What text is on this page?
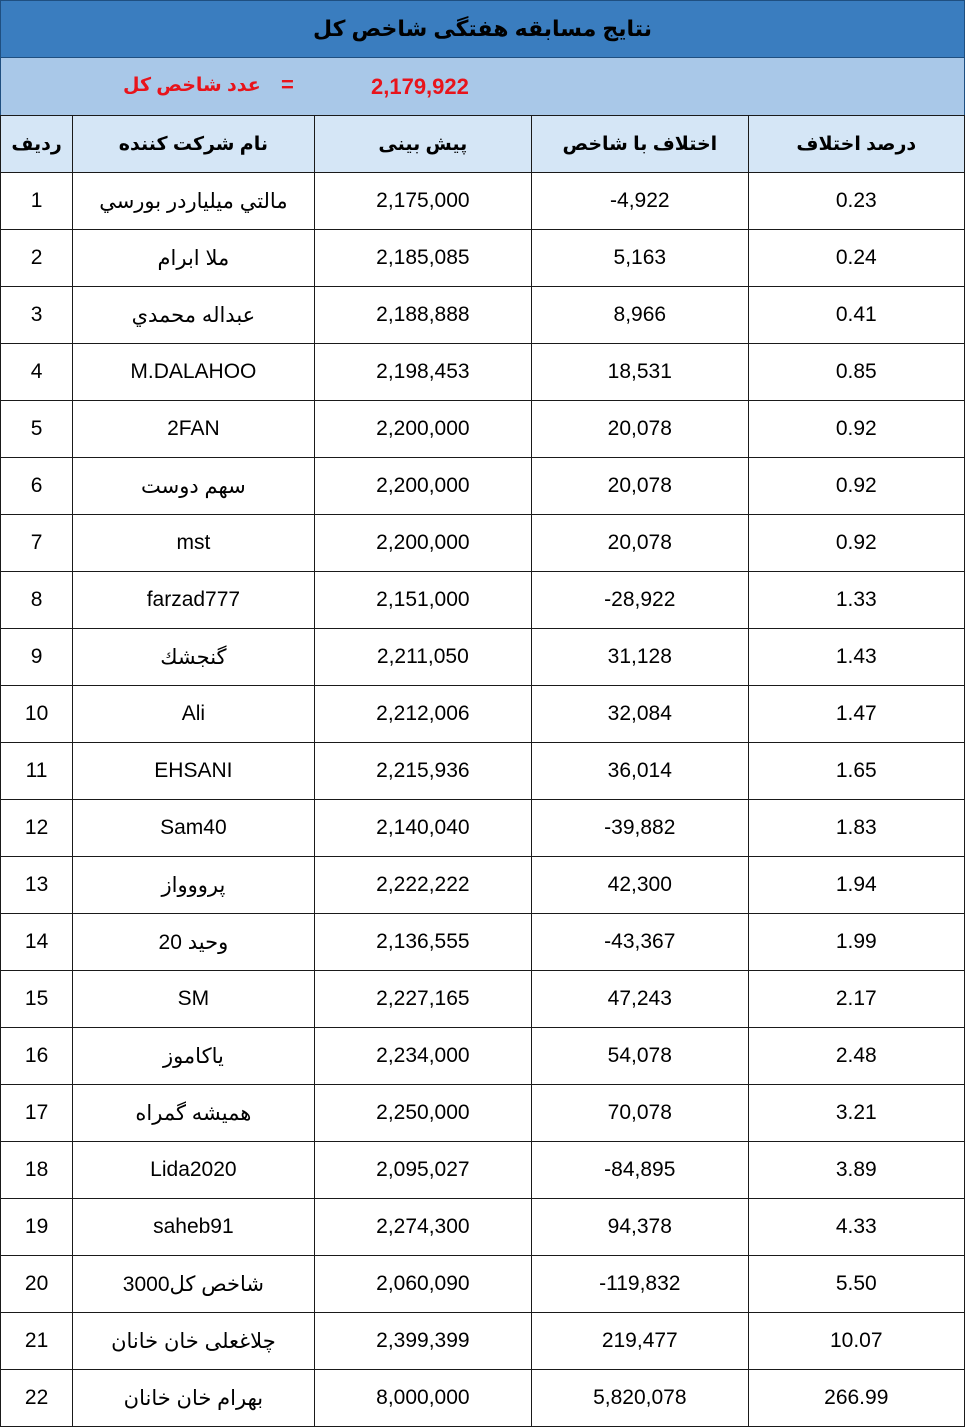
نتایج مسابقه هفتگی شاخص کل
عدد شاخص کل =	2,179,922
ردیف	نام شرکت کننده	پیش بینی	اختلاف با شاخص	درصد اختلاف
1	مالتي ميلياردر بورسي	2,175,000	-4,922	0.23
2	ملا ابرام	2,185,085	5,163	0.24
3	عبداله محمدي	2,188,888	8,966	0.41
4	M.DALAHOO	2,198,453	18,531	0.85
5	2FAN	2,200,000	20,078	0.92
6	سهم دوست	2,200,000	20,078	0.92
7	mst	2,200,000	20,078	0.92
8	farzad777	2,151,000	-28,922	1.33
9	گنجشك	2,211,050	31,128	1.43
10	Ali	2,212,006	32,084	1.47
11	EHSANI	2,215,936	36,014	1.65
12	Sam40	2,140,040	-39,882	1.83
13	پرووواز	2,222,222	42,300	1.94
14	وحيد 20	2,136,555	-43,367	1.99
15	SM	2,227,165	47,243	2.17
16	ياكاموز	2,234,000	54,078	2.48
17	هميشه گمراه	2,250,000	70,078	3.21
18	Lida2020	2,095,027	-84,895	3.89
19	saheb91	2,274,300	94,378	4.33
20	شاخص كل3000	2,060,090	-119,832	5.50
21	چلاغعلی خان خانان	2,399,399	219,477	10.07
22	بهرام خان خانان	8,000,000	5,820,078	266.99
